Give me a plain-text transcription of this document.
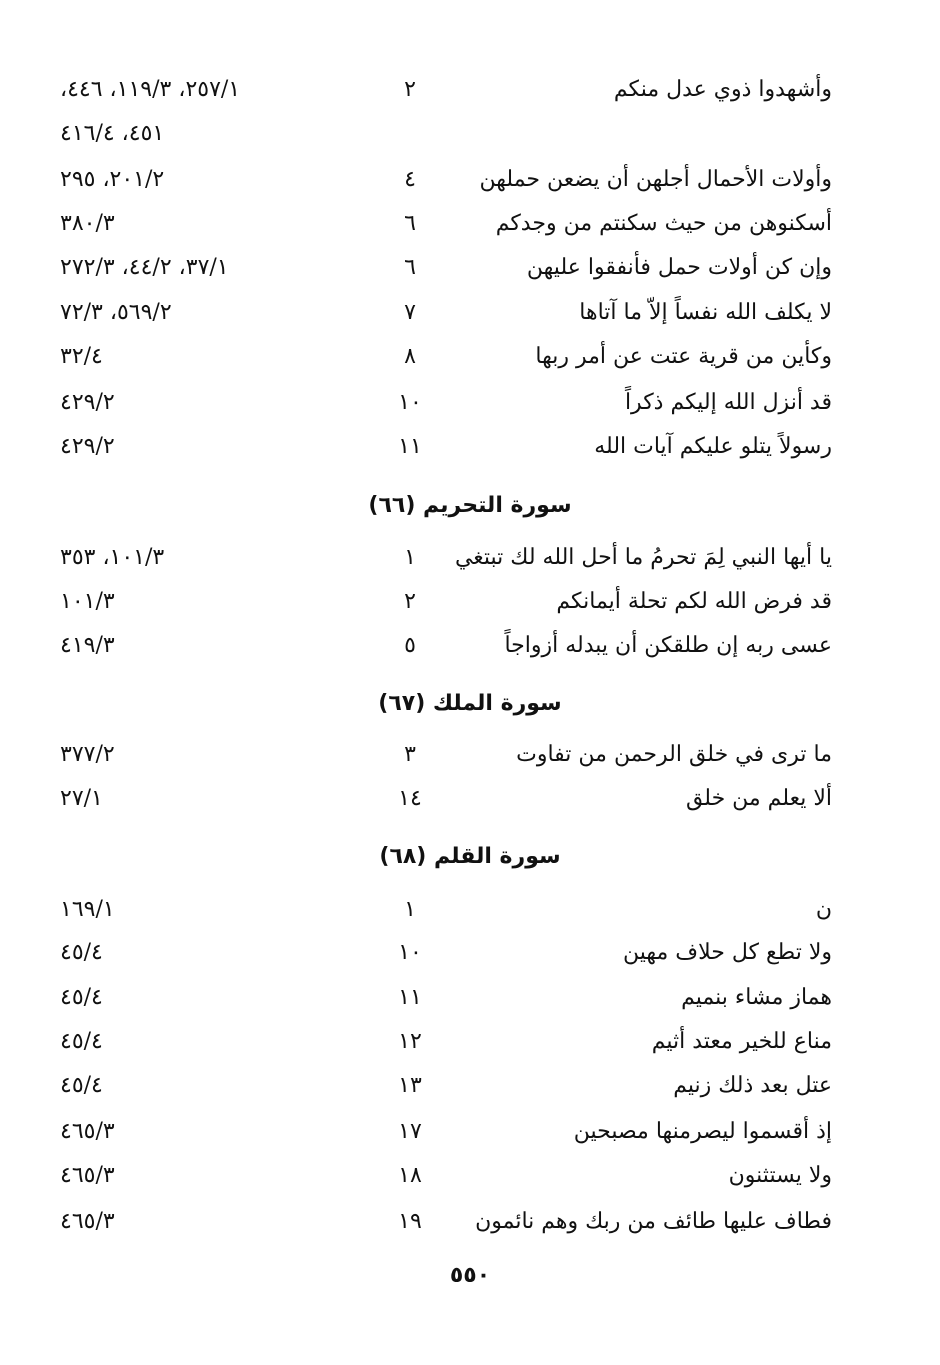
وأشهدوا ذوي عدل منكم
٢
٢٥٧/١، ١١٩/٣، ٤٤٦،
٤٥١، ٤١٦/٤
وأولات الأحمال أجلهن أن يضعن حملهن
٤
٢٠١/٢، ٢٩٥
أسكنوهن من حيث سكنتم من وجدكم
٦
٣٨٠/٣
وإن كن أولات حمل فأنفقوا عليهن
٦
٣٧/١، ٤٤/٢، ٢٧٢/٣
لا يكلف الله نفساً إلاّ ما آتاها
٧
٥٦٩/٢، ٧٢/٣
وكأين من قرية عتت عن أمر ربها
٨
٣٢/٤
قد أنزل الله إليكم ذكراً
١٠
٤٢٩/٢
رسولاً يتلو عليكم آيات الله
١١
٤٢٩/٢
سورة التحريم (٦٦)
يا أيها النبي لِمَ تحرمُ ما أحل الله لك تبتغي
١
١٠١/٣، ٣٥٣
قد فرض الله لكم تحلة أيمانكم
٢
١٠١/٣
عسى ربه إن طلقكن أن يبدله أزواجاً
٥
٤١٩/٣
سورة الملك (٦٧)
ما ترى في خلق الرحمن من تفاوت
٣
٣٧٧/٢
ألا يعلم من خلق
١٤
٢٧/١
سورة القلم (٦٨)
ن
١
١٦٩/١
ولا تطع كل حلاف مهين
١٠
٤٥/٤
هماز مشاء بنميم
١١
٤٥/٤
مناع للخير معتد أثيم
١٢
٤٥/٤
عتل بعد ذلك زنيم
١٣
٤٥/٤
إذ أقسموا ليصرمنها مصبحين
١٧
٤٦٥/٣
ولا يستثنون
١٨
٤٦٥/٣
فطاف عليها طائف من ربك وهم نائمون
١٩
٤٦٥/٣
٥٥٠
